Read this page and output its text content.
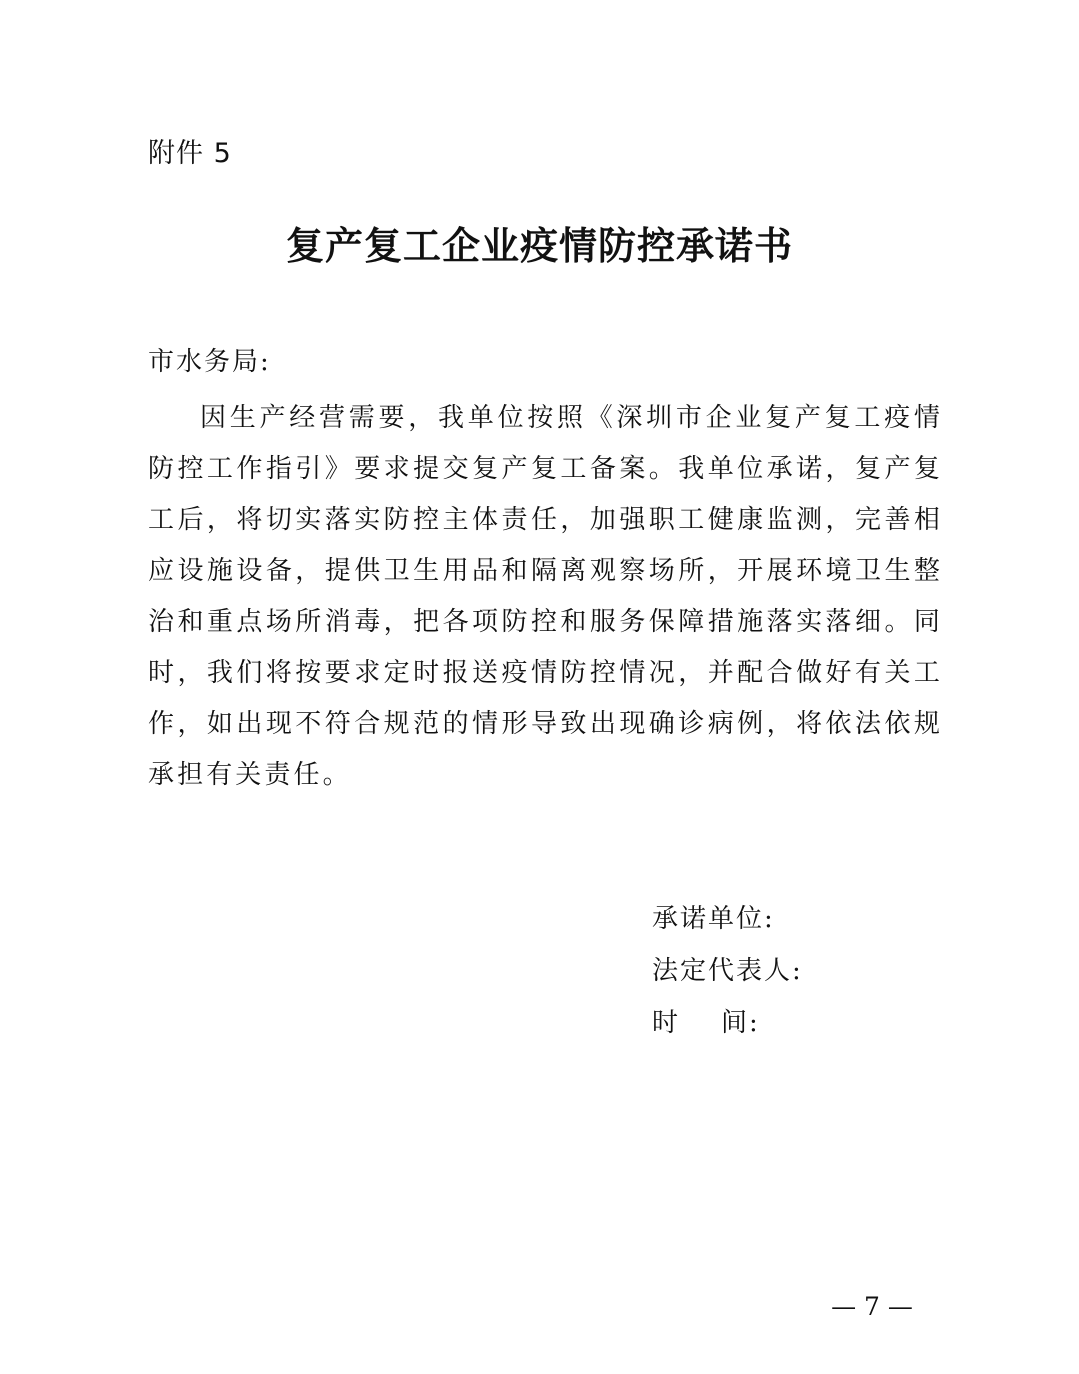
附件 5
复产复工企业疫情防控承诺书
市水务局:

因生产经营需要，我单位按照《深圳市企业复产复工疫情防控工作指引》要求提交复产复工备案。我单位承诺，复产复工后，将切实落实防控主体责任，加强职工健康监测，完善相应设施设备，提供卫生用品和隔离观察场所，开展环境卫生整治和重点场所消毒，把各项防控和服务保障措施落实落细。同时，我们将按要求定时报送疫情防控情况，并配合做好有关工作，如出现不符合规范的情形导致出现确诊病例，将依法依规承担有关责任。

承诺单位:
法定代表人:
时    间:
— 7 —
